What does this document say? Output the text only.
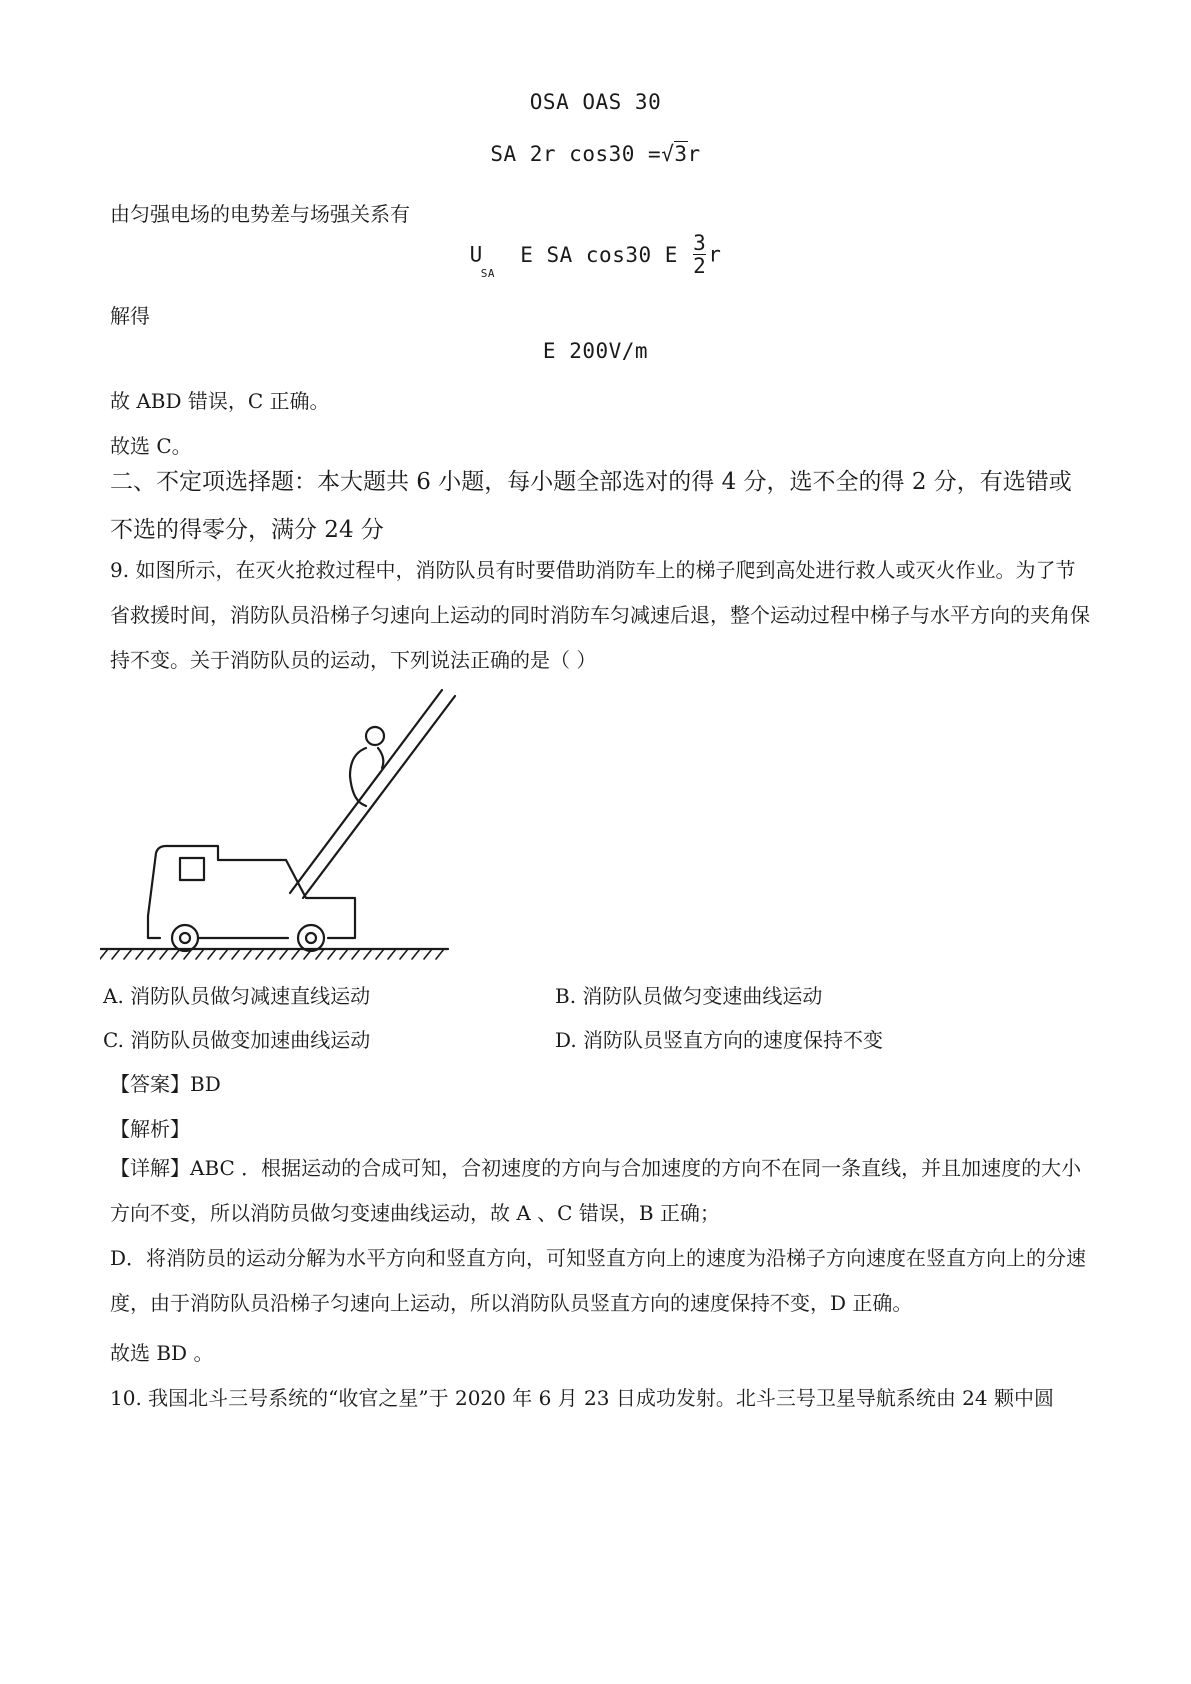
OSA OAS 30
SA 2r cos30 =√3r
由匀强电场的电势差与场强关系有
$U_{SA}$ E SA cos30 E $\frac{3}{2}$ r
解得
E 200V/m
故 ABD 错误，C 正确。
故选 C。
二、不定项选择题：本大题共 6 小题，每小题全部选对的得 4 分，选不全的得 2 分，有选错或不选的得零分，满分 24 分
9. 如图所示，在灭火抢救过程中，消防队员有时要借助消防车上的梯子爬到高处进行救人或灭火作业。为了节省救援时间，消防队员沿梯子匀速向上运动的同时消防车匀减速后退，整个运动过程中梯子与水平方向的夹角保持不变。关于消防队员的运动，下列说法正确的是（ ）
A. 消防队员做匀减速直线运动	B. 消防队员做匀变速曲线运动
C. 消防队员做变加速曲线运动	D. 消防队员竖直方向的速度保持不变
【答案】BD
【解析】
【详解】ABC ．根据运动的合成可知，合初速度的方向与合加速度的方向不在同一条直线，并且加速度的大小方向不变，所以消防员做匀变速曲线运动，故 A 、C 错误，B 正确；
D．将消防员的运动分解为水平方向和竖直方向，可知竖直方向上的速度为沿梯子方向速度在竖直方向上的分速度，由于消防队员沿梯子匀速向上运动，所以消防队员竖直方向的速度保持不变，D 正确。
故选 BD 。
10. 我国北斗三号系统的“收官之星”于 2020 年 6 月 23 日成功发射。北斗三号卫星导航系统由 24 颗中圆
